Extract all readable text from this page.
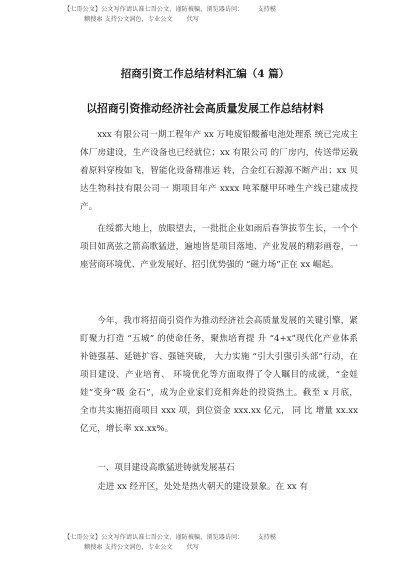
【七哥公文】公文写作请认准七哥公文、谨防被骗，浏览器访问： 支持模
糊搜索 支持公文润色，专业公文 代写
招商引资工作总结材料汇编（4 篇）
以招商引资推动经济社会高质量发展工作总结材料
xxx 有限公司一期工程年产 xx 万吨废铅酸蓄电池处理系 统已完成主体厂房建设，生产设备也已经就位；xx 有限公司 的厂房内，传送带运载着原料穿梭如飞，智能化设备精准运 转，合金红石源源不断产出；xx 贝达生物科技有限公司一 期项目年产 xxxx 吨苯醚甲环唑生产线已建成投产。
在绥都大地上，放眼望去，一批批企业如雨后春笋拔节生长，一个个项目如离弦之箭高歌猛进，遍地皆是项目落地、产业发展的精彩画卷，一座营商环境优、产业发展好、招引优势强的 “磁力场”正在 xx 崛起。
今年，我市将招商引资作为推动经济社会高质量发展的关键引擎，紧盯聚力打造 “五城” 的使命任务，聚焦培育提 升 “4+x”现代化产业体系补链强基、延链扩容、强链突破， 大力实施 “引大引强引头部”行动，在项目建设、产业培育、 环境优化等方面取得了令人瞩目的成就，“金娃娃”变身“吸 金石”，成为企业家们竞相奔赴的投资热土。截至 x 月底， 全市共实施招商项目 xxx 项，到位资金 xxx.xx 亿元， 同 比 增量 xx.xx 亿元，增长率 xx.xx%。
一、项目建设高歌猛进铸就发展基石
走进 xx 经开区，处处是热火朝天的建设景象。在 xx 有
【七哥公文】公文写作请认准七哥公文、谨防被骗，浏览器访问： 支持模
糊搜索 支持公文润色，专业公文 代写
